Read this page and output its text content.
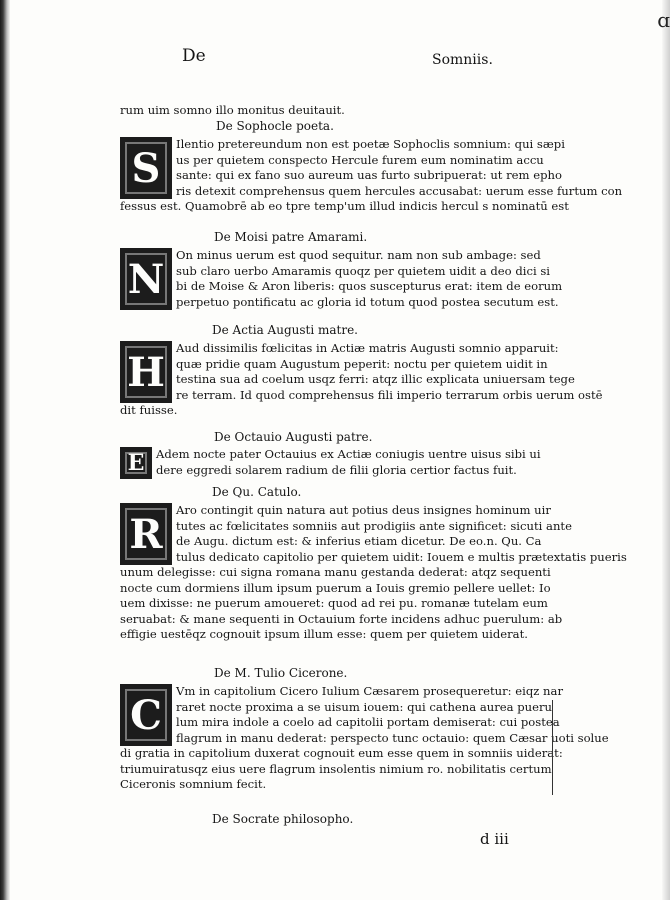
ɑ
De	Somniis.
rum uim somno illo monitus deuitauit.
De Sophocle poeta.
S
Ilentio pretereundum non est poetæ Sophoclis somnium: qui sæpi
us per quietem conspecto Hercule furem eum nominatim accu
sante: qui ex fano suo aureum uas furto subripuerat: ut rem epho
ris detexit comprehensus quem hercules accusabat: uerum esse furtum con
fessus est. Quamobrē ab eo tpre temp'um illud indicis hercul s nominatū est
De Moisi patre Amarami.
N
On minus uerum est quod sequitur. nam non sub ambage: sed
sub claro uerbo Amaramis quoqz per quietem uidit a deo dici si
bi de Moise & Aron liberis: quos suscepturus erat: item de eorum
perpetuo pontificatu ac gloria id totum quod postea secutum est.
De Actia Augusti matre.
H
Aud dissimilis fœlicitas in Actiæ matris Augusti somnio apparuit:
quæ pridie quam Augustum peperit: noctu per quietem uidit in
testina sua ad coelum usqz ferri: atqz illic explicata uniuersam tege
re terram. Id quod comprehensus fili imperio terrarum orbis uerum ostē
dit fuisse.
De Octauio Augusti patre.
E	Adem nocte pater Octauius ex Actiæ coniugis uentre uisus sibi ui
dere eggredi solarem radium de filii gloria certior factus fuit.
De Qu. Catulo.
R
Aro contingit quin natura aut potius deus insignes hominum uir
tutes ac fœlicitates somniis aut prodigiis ante significet: sicuti ante
de Augu. dictum est: & inferius etiam dicetur. De eo.n. Qu. Ca
tulus dedicato capitolio per quietem uidit: Iouem e multis prætextatis pueris
unum delegisse: cui signa romana manu gestanda dederat: atqz sequenti
nocte cum dormiens illum ipsum puerum a Iouis gremio pellere uellet: Io
uem dixisse: ne puerum amoueret: quod ad rei pu. romanæ tutelam eum
seruabat: & mane sequenti in Octauium forte incidens adhuc puerulum: ab
effigie uestēqz cognouit ipsum illum esse: quem per quietem uiderat.
De M. Tulio Cicerone.
C
Vm in capitolium Cicero Iulium Cæsarem prosequeretur: eiqz nar
raret nocte proxima a se uisum iouem: qui cathena aurea pueru
lum mira indole a coelo ad capitolii portam demiserat: cui postea
flagrum in manu dederat: perspecto tunc octauio: quem Cæsar uoti solue
di gratia in capitolium duxerat cognouit eum esse quem in somniis uiderat:
triumuiratusqz eius uere flagrum insolentis nimium ro. nobilitatis certum
Ciceronis somnium fecit.
De Socrate philosopho.
d iii
